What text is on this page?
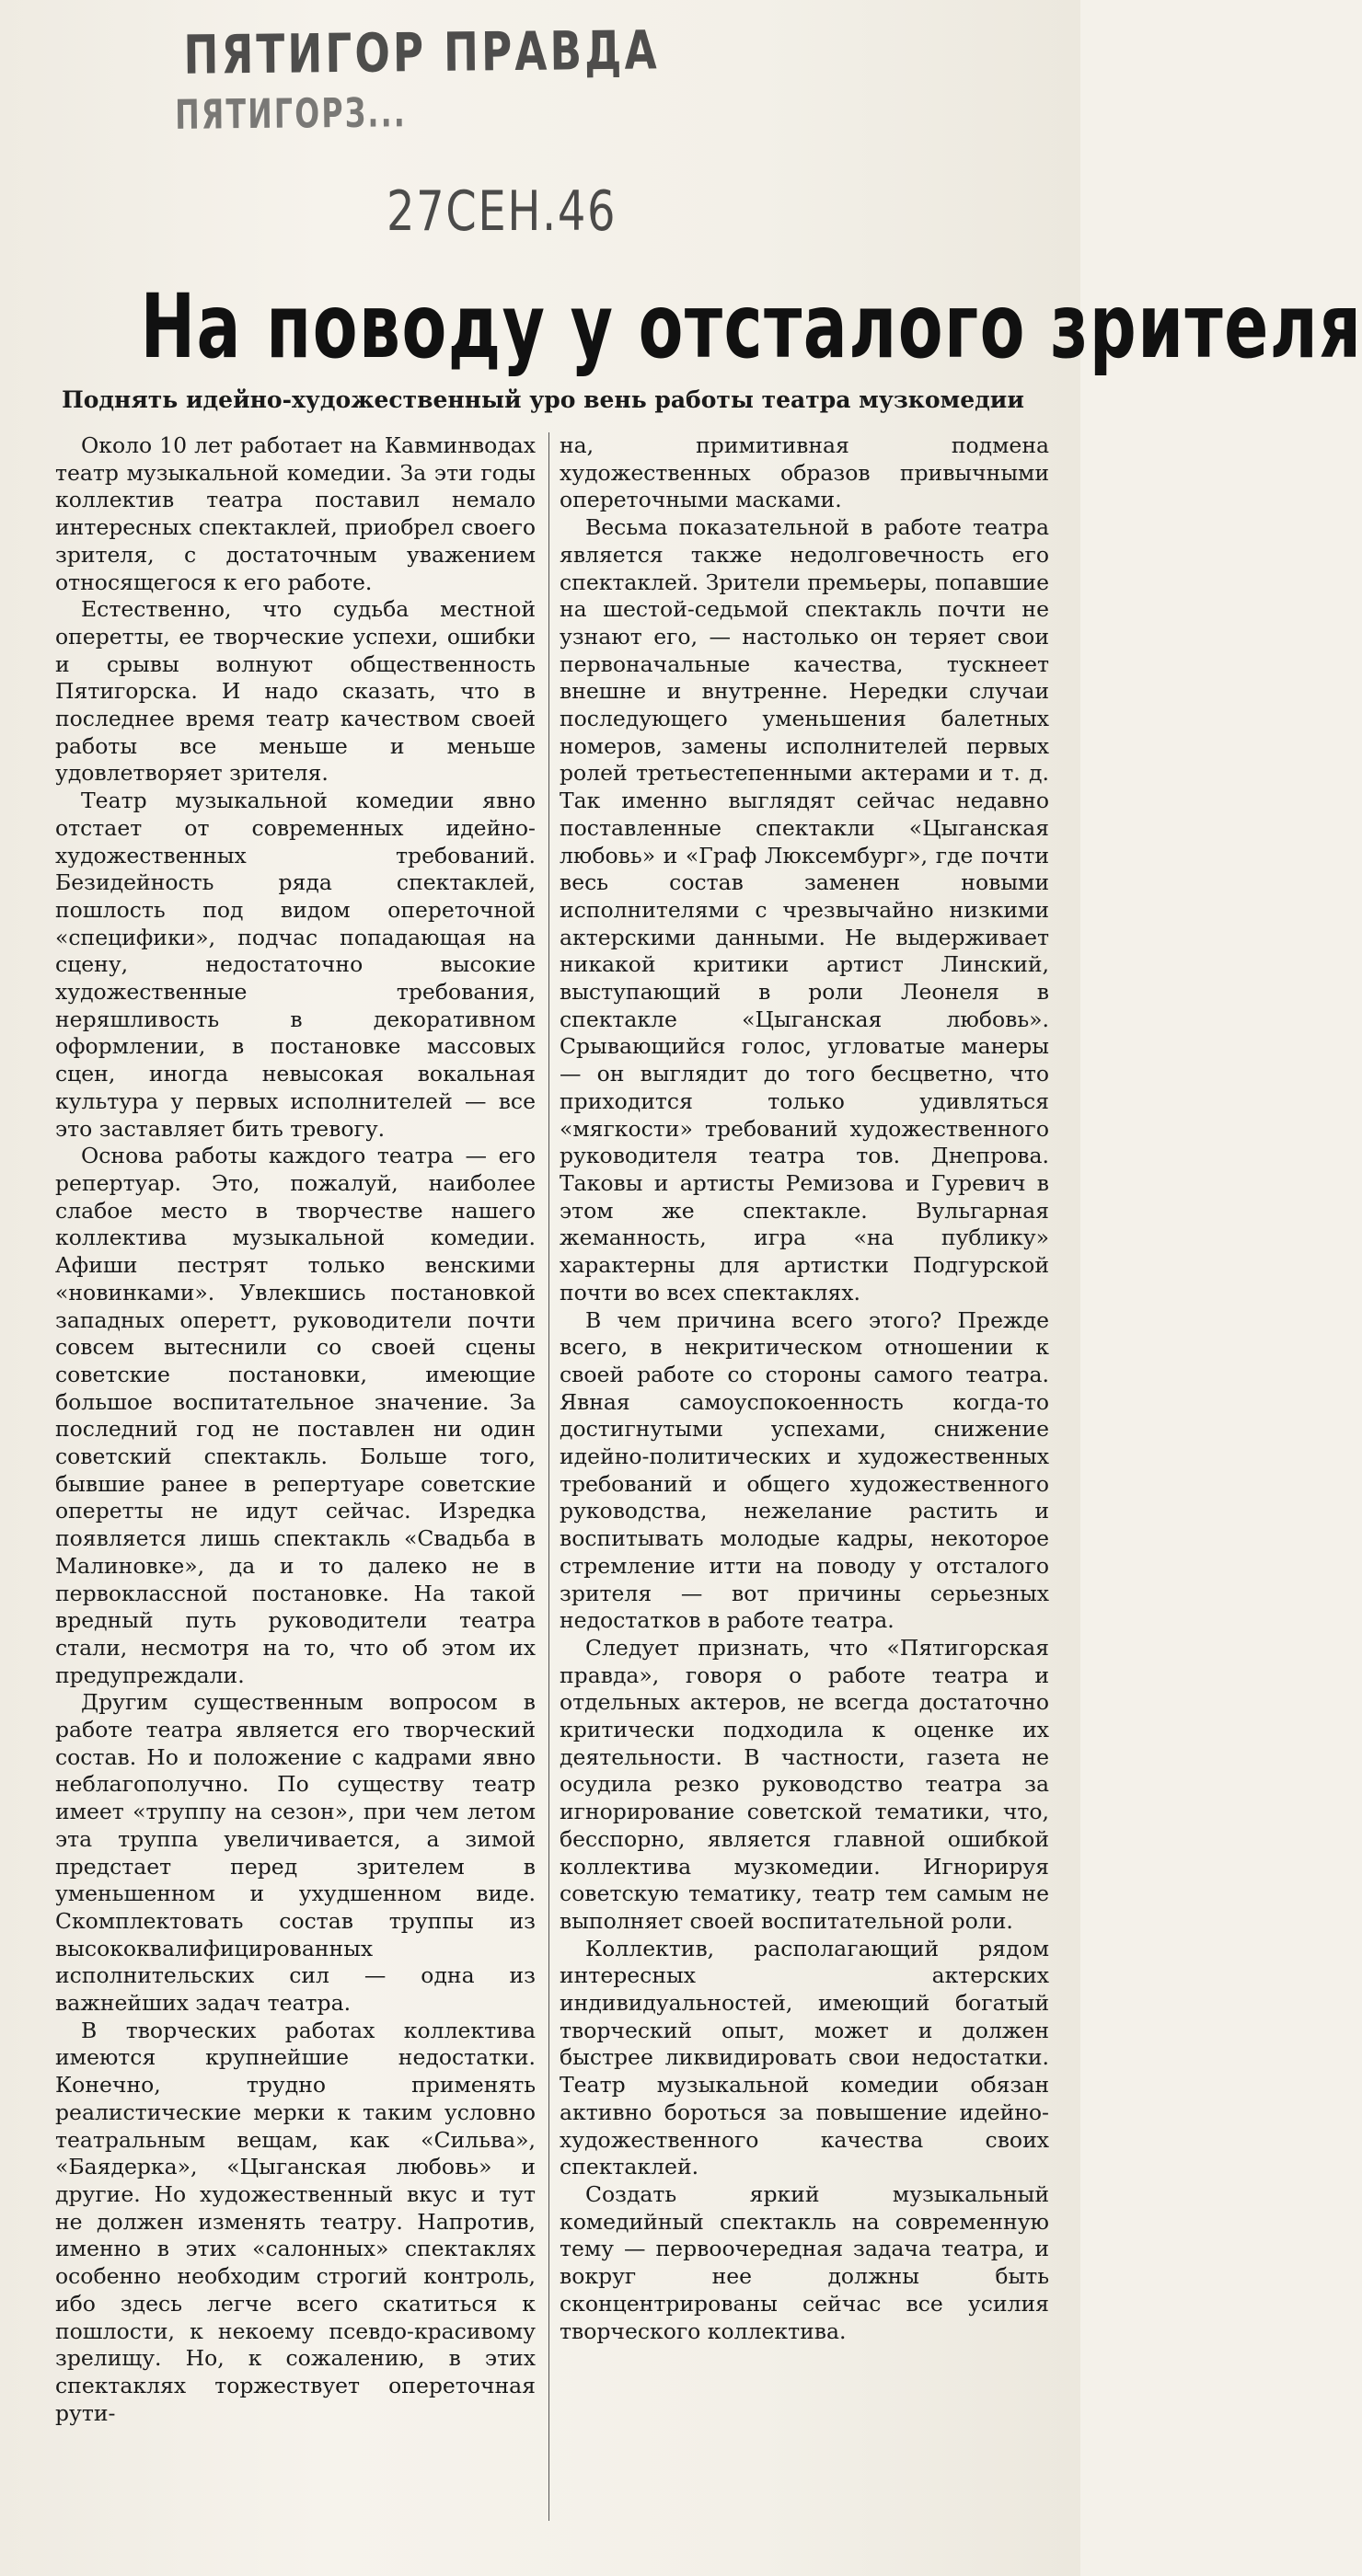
ПЯТИГОР ПРАВДА
ПЯТИГОРЗ...
27СЕН.46
На поводу у отсталого зрителя
Поднять идейно-художественный уро вень работы театра музкомедии

Около 10 лет работает на Кавминводах театр музыкальной комедии. За эти годы коллектив театра поставил немало интересных спектаклей, приобрел своего зрителя, с достаточным уважением относящегося к его работе.

Естественно, что судьба местной оперетты, ее творческие успехи, ошибки и срывы волнуют общественность Пятигорска. И надо сказать, что в последнее время театр качеством своей работы все меньше и меньше удовлетворяет зрителя.

Театр музыкальной комедии явно отстает от современных идейно-художественных требований. Безидейность ряда спектаклей, пошлость под видом опереточной «специфики», подчас попадающая на сцену, недостаточно высокие художественные требования, неряшливость в декоративном оформлении, в постановке массовых сцен, иногда невысокая вокальная культура у первых исполнителей — все это заставляет бить тревогу.

Основа работы каждого театра — его репертуар. Это, пожалуй, наиболее слабое место в творчестве нашего коллектива музыкальной комедии. Афиши пестрят только венскими «новинками». Увлекшись постановкой западных оперетт, руководители почти совсем вытеснили со своей сцены советские постановки, имеющие большое воспитательное значение. За последний год не поставлен ни один советский спектакль. Больше того, бывшие ранее в репертуаре советские оперетты не идут сейчас. Изредка появляется лишь спектакль «Свадьба в Малиновке», да и то далеко не в первоклассной постановке. На такой вредный путь руководители театра стали, несмотря на то, что об этом их предупреждали.

Другим существенным вопросом в работе театра является его творческий состав. Но и положение с кадрами явно неблагополучно. По существу театр имеет «труппу на сезон», при чем летом эта труппа увеличивается, а зимой предстает перед зрителем в уменьшенном и ухудшенном виде. Скомплектовать состав труппы из высококвалифицированных исполнительских сил — одна из важнейших задач театра.

В творческих работах коллектива имеются крупнейшие недостатки. Конечно, трудно применять реалистические мерки к таким условно театральным вещам, как «Сильва», «Баядерка», «Цыганская любовь» и другие. Но художественный вкус и тут не должен изменять театру. Напротив, именно в этих «салонных» спектаклях особенно необходим строгий контроль, ибо здесь легче всего скатиться к пошлости, к некоему псевдо-красивому зрелищу. Но, к сожалению, в этих спектаклях торжествует опереточная рути-

на, примитивная подмена художественных образов привычными опереточными масками.

Весьма показательной в работе театра является также недолговечность его спектаклей. Зрители премьеры, попавшие на шестой-седьмой спектакль почти не узнают его, — настолько он теряет свои первоначальные качества, тускнеет внешне и внутренне. Нередки случаи последующего уменьшения балетных номеров, замены исполнителей первых ролей третьестепенными актерами и т. д. Так именно выглядят сейчас недавно поставленные спектакли «Цыганская любовь» и «Граф Люксембург», где почти весь состав заменен новыми исполнителями с чрезвычайно низкими актерскими данными. Не выдерживает никакой критики артист Линский, выступающий в роли Леонеля в спектакле «Цыганская любовь». Срывающийся голос, угловатые манеры — он выглядит до того бесцветно, что приходится только удивляться «мягкости» требований художественного руководителя театра тов. Днепрова. Таковы и артисты Ремизова и Гуревич в этом же спектакле. Вульгарная жеманность, игра «на публику» характерны для артистки Подгурской почти во всех спектаклях.

В чем причина всего этого? Прежде всего, в некритическом отношении к своей работе со стороны самого театра. Явная самоуспокоенность когда-то достигнутыми успехами, снижение идейно-политических и художественных требований и общего художественного руководства, нежелание растить и воспитывать молодые кадры, некоторое стремление итти на поводу у отсталого зрителя — вот причины серьезных недостатков в работе театра.

Следует признать, что «Пятигорская правда», говоря о работе театра и отдельных актеров, не всегда достаточно критически подходила к оценке их деятельности. В частности, газета не осудила резко руководство театра за игнорирование советской тематики, что, бесспорно, является главной ошибкой коллектива музкомедии. Игнорируя советскую тематику, театр тем самым не выполняет своей воспитательной роли.

Коллектив, располагающий рядом интересных актерских индивидуальностей, имеющий богатый творческий опыт, может и должен быстрее ликвидировать свои недостатки. Театр музыкальной комедии обязан активно бороться за повышение идейно-художественного качества своих спектаклей.

Создать яркий музыкальный комедийный спектакль на современную тему — первоочередная задача театра, и вокруг нее должны быть сконцентрированы сейчас все усилия творческого коллектива.
